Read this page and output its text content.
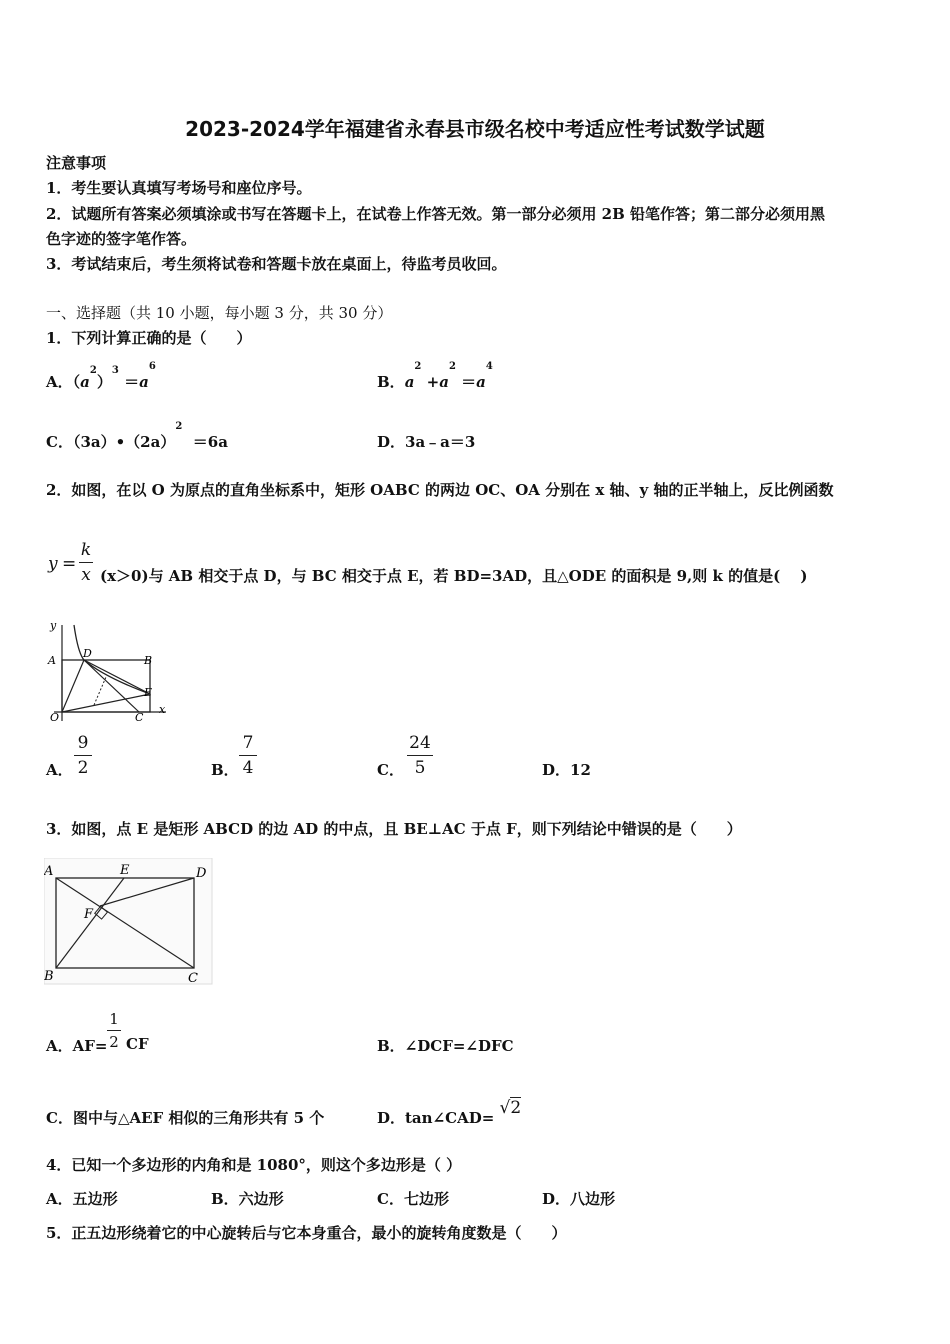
2023-2024学年福建省永春县市级名校中考适应性考试数学试题
注意事项
1．考生要认真填写考场号和座位序号。
2．试题所有答案必须填涂或书写在答题卡上，在试卷上作答无效。第一部分必须用 2B 铅笔作答；第二部分必须用黑
色字迹的签字笔作答。
3．考试结束后，考生须将试卷和答题卡放在桌面上，待监考员收回。
一、选择题（共 10 小题，每小题 3 分，共 30 分）
1．下列计算正确的是（　　）
A．$(a^2)^3 =a^6$
B．$a^2 +a^2 =a^4$
C．$(3a)•(2a)^2 =6a$	D．3a﹣a＝3
2．如图，在以 O 为原点的直角坐标系中，矩形 OABC 的两边 OC、OA 分别在 x 轴、y 轴的正半轴上，反比例函数
y =
k
x (x＞0)与 AB 相交于点 D，与 BC 相交于点 E，若 BD=3AD，且△ODE 的面积是 9,则 k 的值是(　 )
y
A
D
B
E
O	C
x
A．
9
2	B．
7
4	C．
24
5	D．12
3．如图，点 E 是矩形 ABCD 的边 AD 的中点，且 BE⊥AC 于点 F，则下列结论中错误的是（　　）
A	E	D
F
B	C
A．AF=
1
2 CF	B．∠DCF=∠DFC
C．图中与△AEF 相似的三角形共有 5 个	D．tan∠CAD= √2
4．已知一个多边形的内角和是 1080°，则这个多边形是（ ）
A．五边形	B．六边形	C．七边形	D．八边形
5．正五边形绕着它的中心旋转后与它本身重合，最小的旋转角度数是（　　）
